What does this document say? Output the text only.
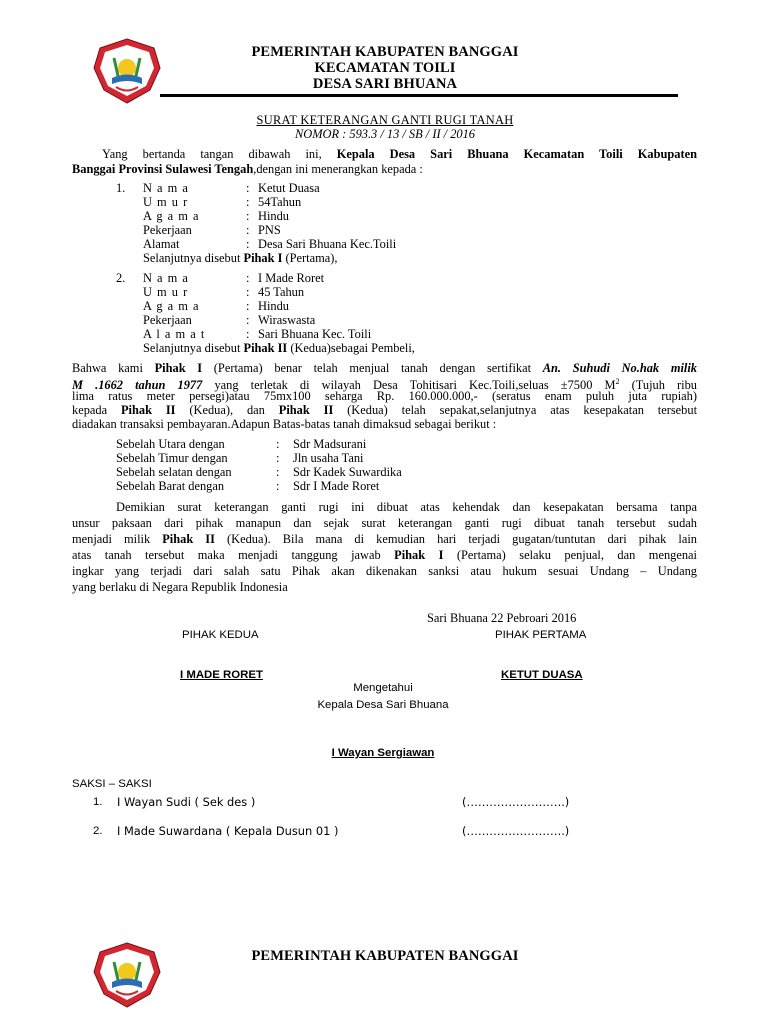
PEMERINTAH KABUPATEN BANGGAI
KECAMATAN TOILI
DESA SARI BHUANA
SURAT KETERANGAN GANTI RUGI TANAH
NOMOR : 593.3 / 13 / SB / II / 2016
Yang bertanda tangan dibawah ini, Kepala Desa Sari Bhuana Kecamatan Toili Kabupaten
Banggai Provinsi Sulawesi Tengah,dengan ini menerangkan kepada :
1. N a m a	: Ketut Duasa
U m u r	: 54Tahun
A g a m a	: Hindu
Pekerjaan	: PNS
Alamat	: Desa Sari Bhuana Kec.Toili
Selanjutnya disebut Pihak I (Pertama),
2. N a m a	: I Made Roret
U m u r	: 45 Tahun
A g a m a	: Hindu
Pekerjaan	: Wiraswasta
A l a m a t	: Sari Bhuana Kec. Toili
Selanjutnya disebut Pihak II (Kedua)sebagai Pembeli,
Bahwa kami Pihak I (Pertama) benar telah menjual tanah dengan sertifikat An. Suhudi No.hak milik
M .1662 tahun 1977 yang terletak di wilayah Desa Tohitisari Kec.Toili,seluas ±7500 $M^2$ (Tujuh ribu
lima ratus meter persegi)atau 75mx100 seharga Rp. 160.000.000,- (seratus enam puluh juta rupiah)
kepada Pihak II (Kedua), dan Pihak II (Kedua) telah sepakat,selanjutnya atas kesepakatan tersebut
diadakan transaksi pembayaran.Adapun Batas-batas tanah dimaksud sebagai berikut :
Sebelah Utara dengan	: Sdr Madsurani
Sebelah Timur dengan	: Jln usaha Tani
Sebelah selatan dengan	: Sdr Kadek Suwardika
Sebelah Barat dengan	: Sdr I Made Roret
Demikian surat keterangan ganti rugi ini dibuat atas kehendak dan kesepakatan bersama tanpa
unsur paksaan dari pihak manapun dan sejak surat keterangan ganti rugi dibuat tanah tersebut sudah
menjadi milik Pihak II (Kedua). Bila mana di kemudian hari terjadi gugatan/tuntutan dari pihak lain
atas tanah tersebut maka menjadi tanggung jawab Pihak I (Pertama) selaku penjual, dan mengenai
ingkar yang terjadi dari salah satu Pihak akan dikenakan sanksi atau hukum sesuai Undang – Undang
yang berlaku di Negara Republik Indonesia
Sari Bhuana 22 Pebroari 2016
PIHAK KEDUA	PIHAK PERTAMA
I MADE RORET	KETUT DUASA
Mengetahui
Kepala Desa Sari Bhuana
I Wayan Sergiawan
SAKSI – SAKSI
1. I Wayan Sudi ( Sek des )	(……………………..)
2. I Made Suwardana ( Kepala Dusun 01 )	(……………………..)
PEMERINTAH KABUPATEN BANGGAI
